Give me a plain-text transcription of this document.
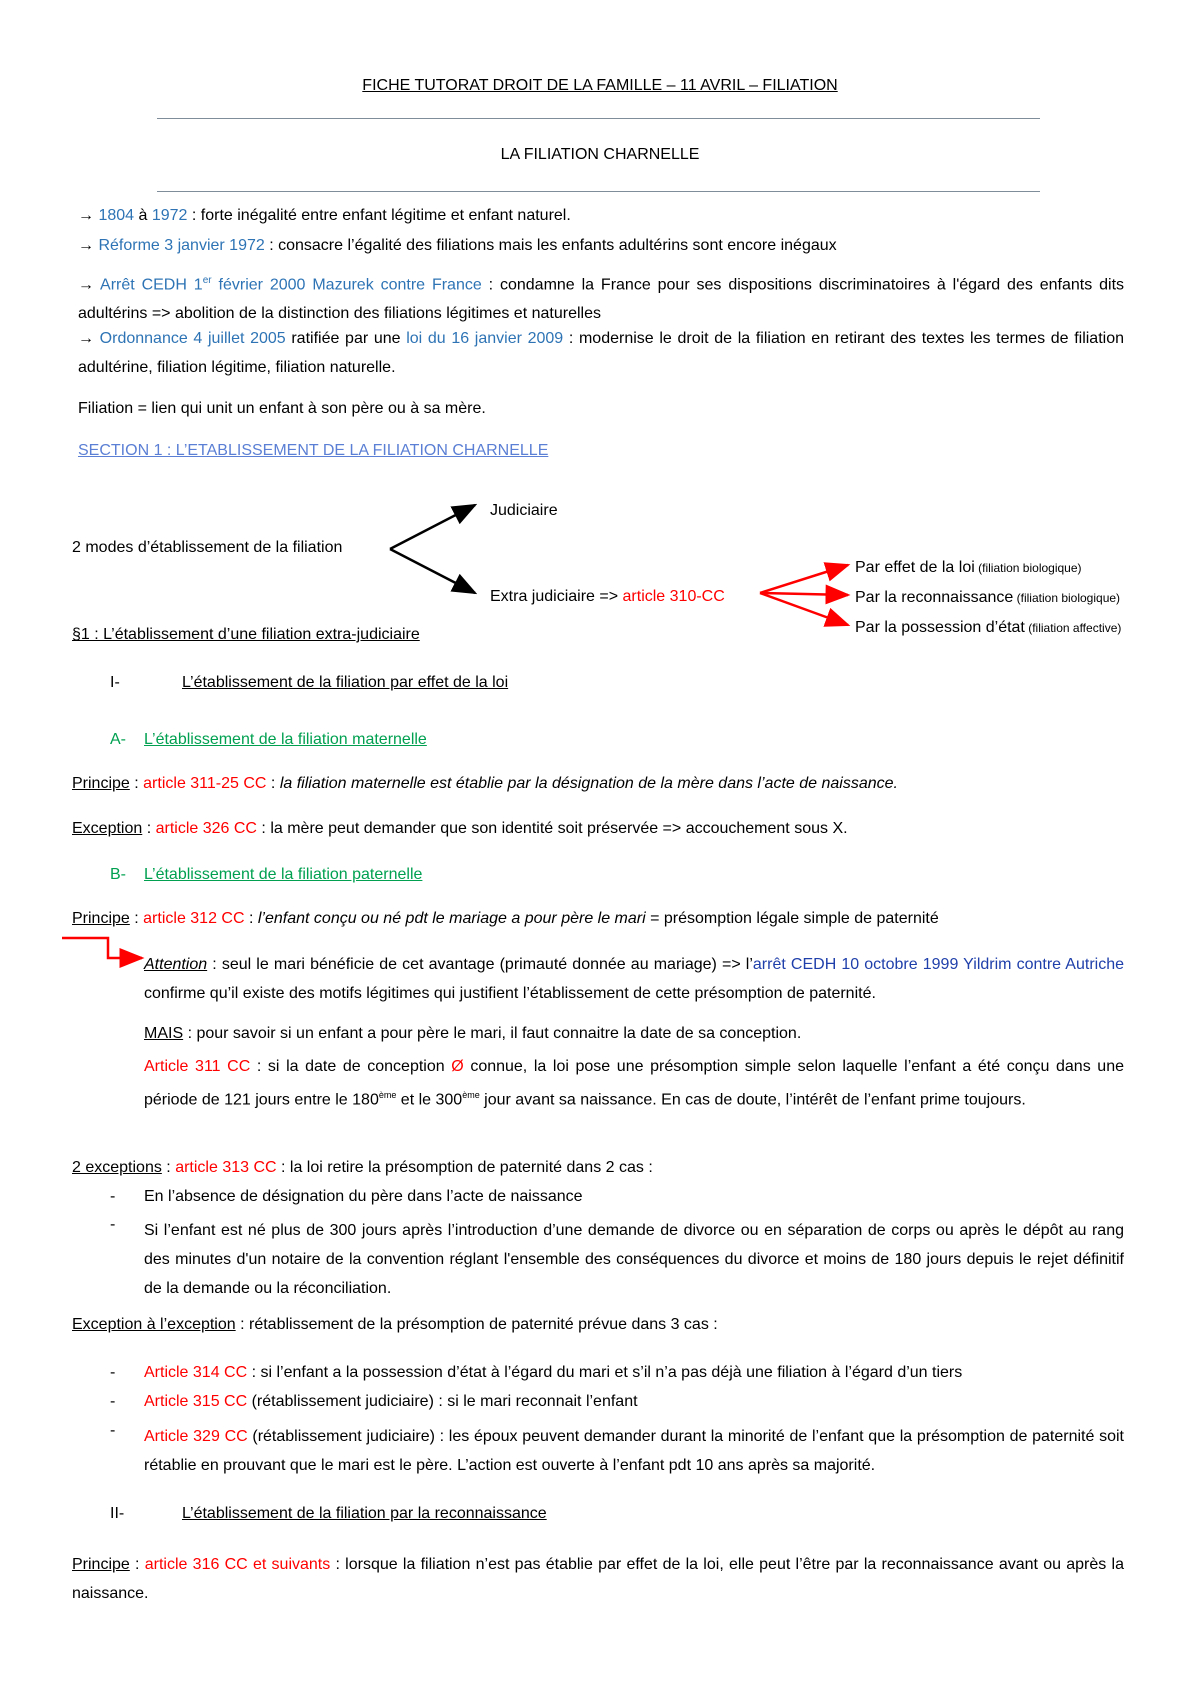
FICHE TUTORAT DROIT DE LA FAMILLE – 11 AVRIL – FILIATION
LA FILIATION CHARNELLE
→ 1804 à 1972 : forte inégalité entre enfant légitime et enfant naturel.
→ Réforme 3 janvier 1972 : consacre l’égalité des filiations mais les enfants adultérins sont encore inégaux
→ Arrêt CEDH 1er février 2000 Mazurek contre France : condamne la France pour ses dispositions discriminatoires à l'égard des enfants dits adultérins => abolition de la distinction des filiations légitimes et naturelles
→ Ordonnance 4 juillet 2005 ratifiée par une loi du 16 janvier 2009 : modernise le droit de la filiation en retirant des textes les termes de filiation adultérine, filiation légitime, filiation naturelle.
Filiation = lien qui unit un enfant à son père ou à sa mère.
SECTION 1 : L’ETABLISSEMENT DE LA FILIATION CHARNELLE
2 modes d’établissement de la filiation
Judiciaire
Extra judiciaire => article 310-CC
Par effet de la loi (filiation biologique)
Par la reconnaissance (filiation biologique)
Par la possession d’état (filiation affective)
§1 : L’établissement d’une filiation extra-judiciaire
I-	L’établissement de la filiation par effet de la loi
A- L’établissement de la filiation maternelle
Principe : article 311-25 CC : la filiation maternelle est établie par la désignation de la mère dans l’acte de naissance.
Exception : article 326 CC : la mère peut demander que son identité soit préservée => accouchement sous X.
B- L’établissement de la filiation paternelle
Principe : article 312 CC : l’enfant conçu ou né pdt le mariage a pour père le mari = présomption légale simple de paternité
Attention : seul le mari bénéficie de cet avantage (primauté donnée au mariage) => l’arrêt CEDH 10 octobre 1999 Yildrim contre Autriche confirme qu’il existe des motifs légitimes qui justifient l’établissement de cette présomption de paternité.
MAIS : pour savoir si un enfant a pour père le mari, il faut connaitre la date de sa conception.
Article 311 CC : si la date de conception Ø connue, la loi pose une présomption simple selon laquelle l’enfant a été conçu dans une période de 121 jours entre le 180ème et le 300ème jour avant sa naissance. En cas de doute, l’intérêt de l’enfant prime toujours.
2 exceptions : article 313 CC : la loi retire la présomption de paternité dans 2 cas :
- En l’absence de désignation du père dans l’acte de naissance
- Si l’enfant est né plus de 300 jours après l’introduction d’une demande de divorce ou en séparation de corps ou après le dépôt au rang des minutes d'un notaire de la convention réglant l'ensemble des conséquences du divorce et moins de 180 jours depuis le rejet définitif de la demande ou la réconciliation.
Exception à l’exception : rétablissement de la présomption de paternité prévue dans 3 cas :
- Article 314 CC : si l’enfant a la possession d’état à l’égard du mari et s’il n’a pas déjà une filiation à l’égard d’un tiers
- Article 315 CC (rétablissement judiciaire) : si le mari reconnait l’enfant
- Article 329 CC (rétablissement judiciaire) : les époux peuvent demander durant la minorité de l’enfant que la présomption de paternité soit rétablie en prouvant que le mari est le père. L’action est ouverte à l’enfant pdt 10 ans après sa majorité.
II-	L’établissement de la filiation par la reconnaissance
Principe : article 316 CC et suivants : lorsque la filiation n’est pas établie par effet de la loi, elle peut l’être par la reconnaissance avant ou après la naissance.
